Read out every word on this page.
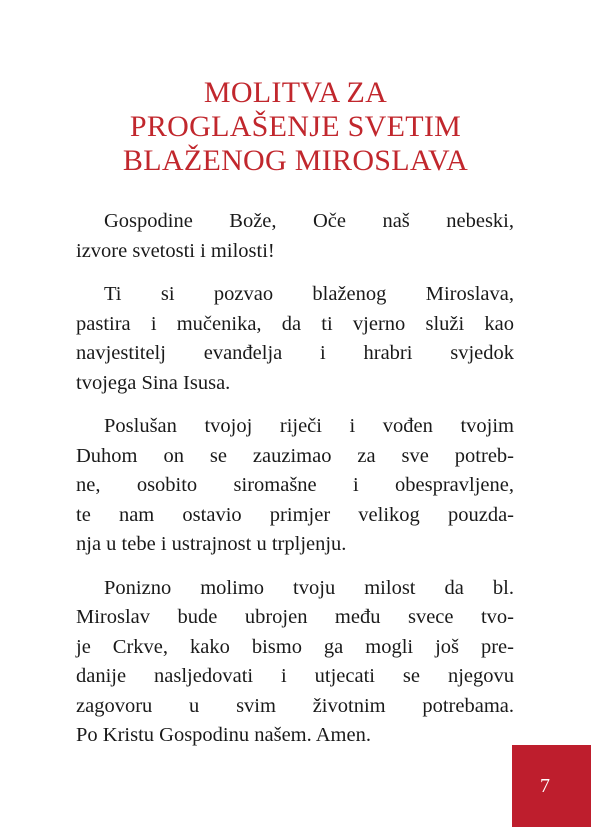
MOLITVA ZA
PROGLAŠENJE SVETIM
BLAŽENOG MIROSLAVA

Gospodine Bože, Oče naš nebeski,
izvore svetosti i milosti!

Ti si pozvao blaženog Miroslava,
pastira i mučenika, da ti vjerno služi kao
navjestitelj evanđelja i hrabri svjedok
tvojega Sina Isusa.

Poslušan tvojoj riječi i vođen tvojim
Duhom on se zauzimao za sve potreb-
ne, osobito siromašne i obespravljene,
te nam ostavio primjer velikog pouzda-
nja u tebe i ustrajnost u trpljenju.

Ponizno molimo tvoju milost da bl.
Miroslav bude ubrojen među svece tvo-
je Crkve, kako bismo ga mogli još pre-
danije nasljedovati i utjecati se njegovu
zagovoru u svim životnim potrebama.
Po Kristu Gospodinu našem. Amen.

7
